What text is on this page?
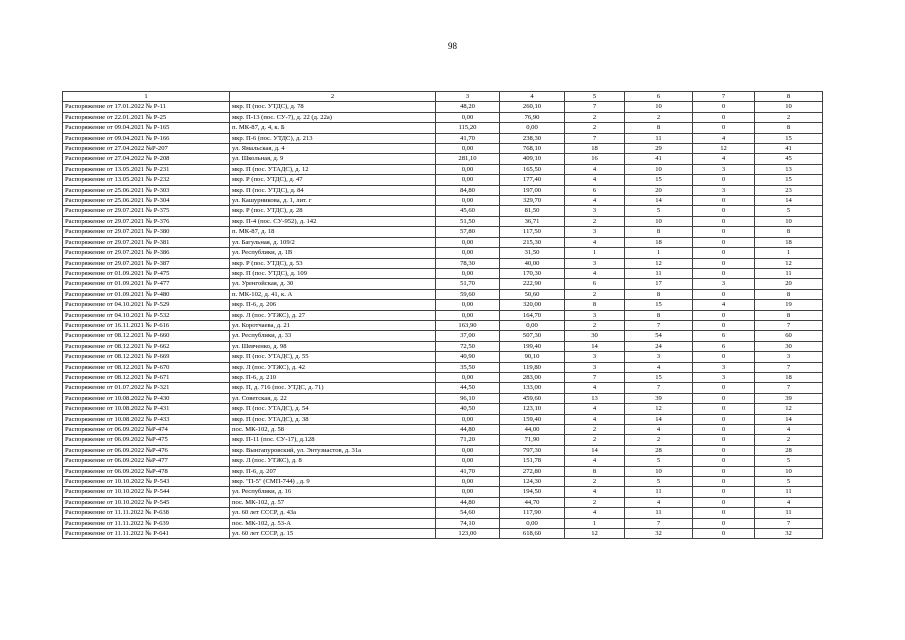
98
1	2	3	4	5	6	7	8
Распоряжение от 17.01.2022 № Р-11	мкр. П (пос. УТДС), д. 78	48,20	260,10	7	10	0	10
Распоряжение от 22.01.2021 № Р-25	мкр. П-13 (пос. СУ-7), д. 22 (д. 22а)	0,00	76,90	2	2	0	2
Распоряжение от 09.04.2021 № Р-165	п. МК-87, д. 4, к. Б	115,20	0,00	2	8	0	8
Распоряжение от 09.04.2021 № Р-166	мкр. П-6 (пос. УТДС), д. 213	41,70	238,30	7	11	4	15
Распоряжение от 27.04.2022 №Р-207	ул. Ямальская, д. 4	0,00	768,10	18	29	12	41
Распоряжение от 27.04.2022 № Р-208	ул. Школьная, д. 9	281,10	409,10	16	41	4	45
Распоряжение от 13.05.2021 № Р-231	мкр. П (пос. УТАДС), д. 12	0,00	165,50	4	10	3	13
Распоряжение от 13.05.2021 № Р-232	мкр. Р (пос. УТДС), д. 47	0,00	177,40	4	15	0	15
Распоряжение от 25.06.2021 № Р-303	мкр. П (пос. УТДС), д. 84	84,80	197,00	6	20	3	23
Распоряжение от 25.06.2021 № Р-304	ул. Кашурникова, д. 1, лит. г	0,00	329,70	4	14	0	14
Распоряжение от 29.07.2021 № Р-375	мкр. Р (пос. УТДС), д. 28	45,60	81,50	3	5	0	5
Распоряжение от 29.07.2021 № Р-376	мкр. П-4 (пос. СУ-952), д. 142	51,50	36,71	2	10	0	10
Распоряжение от 29.07.2021 № Р-380	п. МК-87, д. 18	57,80	117,50	3	8	0	8
Распоряжение от 29.07.2021 № Р-381	ул. Багульная, д. 109/2	0,00	215,30	4	18	0	18
Распоряжение от 29.07.2021 № Р-386	ул. Республики, д. 1В	0,00	31,50	1	1	0	1
Распоряжение от 29.07.2021 № Р-387	мкр. Р (пос. УТДС), д. 53	78,30	40,00	3	12	0	12
Распоряжение от 01.09.2021 № Р-475	мкр. П (пос. УТДС), д. 109	0,00	170,30	4	11	0	11
Распоряжение от 01.09.2021 № Р-477	ул. Уренгойская, д. 30	51,70	222,90	6	17	3	20
Распоряжение от 01.09.2021 № Р-480	п. МК-102, д. 41, к. А	59,60	50,60	2	8	0	8
Распоряжение от 04.10.2021 № Р-529	мкр. П-6, д. 206	0,00	320,00	8	15	4	19
Распоряжение от 04.10.2021 № Р-532	мкр. Л (пос. УТЖС), д. 27	0,00	164,70	3	8	0	8
Распоряжение от 16.11.2021 № Р-616	ул. Коротчаева, д. 21	163,90	0,00	2	7	0	7
Распоряжение от 08.12.2021 № Р-660	ул. Республики, д. 33	37,00	507,30	30	54	6	60
Распоряжение от 08.12.2021 № Р-662	ул. Шевченко, д. 98	72,50	199,40	14	24	6	30
Распоряжение от 08.12.2021 № Р-669	мкр. П (пос. УТАДС), д. 55	40,90	90,10	3	3	0	3
Распоряжение от 08.12.2021 № Р-670	мкр. Л (пос. УТЖС), д. 42	35,50	119,80	3	4	3	7
Распоряжение от 08.12.2021 № Р-671	мкр. П-6, д. 210	0,00	283,00	7	15	3	18
Распоряжение от 01.07.2022 № Р-321	мкр. П, д. 716 (пос. УТДС, д. 71)	44,50	133,00	4	7	0	7
Распоряжение от 10.08.2022 № Р-430	ул. Советская, д. 22	96,10	459,60	13	39	0	39
Распоряжение от 10.08.2022 № Р-431	мкр. П (пос. УТАДС), д. 54	40,50	123,10	4	12	0	12
Распоряжение от 10.08.2022 № Р-433	мкр. П (пос. УТАДС), д. 38	0,00	159,40	4	14	0	14
Распоряжение от 06.09.2022 №Р-474	пос. МК-102, д. 58	44,80	44,00	2	4	0	4
Распоряжение от 06.09.2022 №Р-475	мкр. П-11 (пос. СУ-17), д.128	71,20	71,90	2	2	0	2
Распоряжение от 06.09.2022 №Р-476	мкр. Вынгапуровский, ул. Энтузиастов, д. 31а	0,00	797,30	14	28	0	28
Распоряжение от 06.09.2022 №Р-477	мкр. Л (пос. УТЖС), д. 8	0,00	151,78	4	5	0	5
Распоряжение от 06.09.2022 №Р-478	мкр. П-6, д. 207	41,70	272,80	8	10	0	10
Распоряжение от 10.10.2022 № Р-543	мкр. "П-5" (СМП-744) , д. 9	0,00	124,30	2	5	0	5
Распоряжение от 10.10.2022 № Р-544	ул. Республики, д. 16	0,00	194,50	4	11	0	11
Распоряжение от 10.10.2022 № Р-545	пос. МК-102, д. 57	44,80	44,70	2	4	0	4
Распоряжение от 11.11.2022 № Р-638	ул. 60 лет СССР, д. 43а	54,60	117,90	4	11	0	11
Распоряжение от 11.11.2022 № Р-639	пос. МК-102, д. 53-А	74,10	0,00	1	7	0	7
Распоряжение от 11.11.2022 № Р-641	ул. 60 лет СССР, д. 15	123,00	618,60	12	32	0	32
